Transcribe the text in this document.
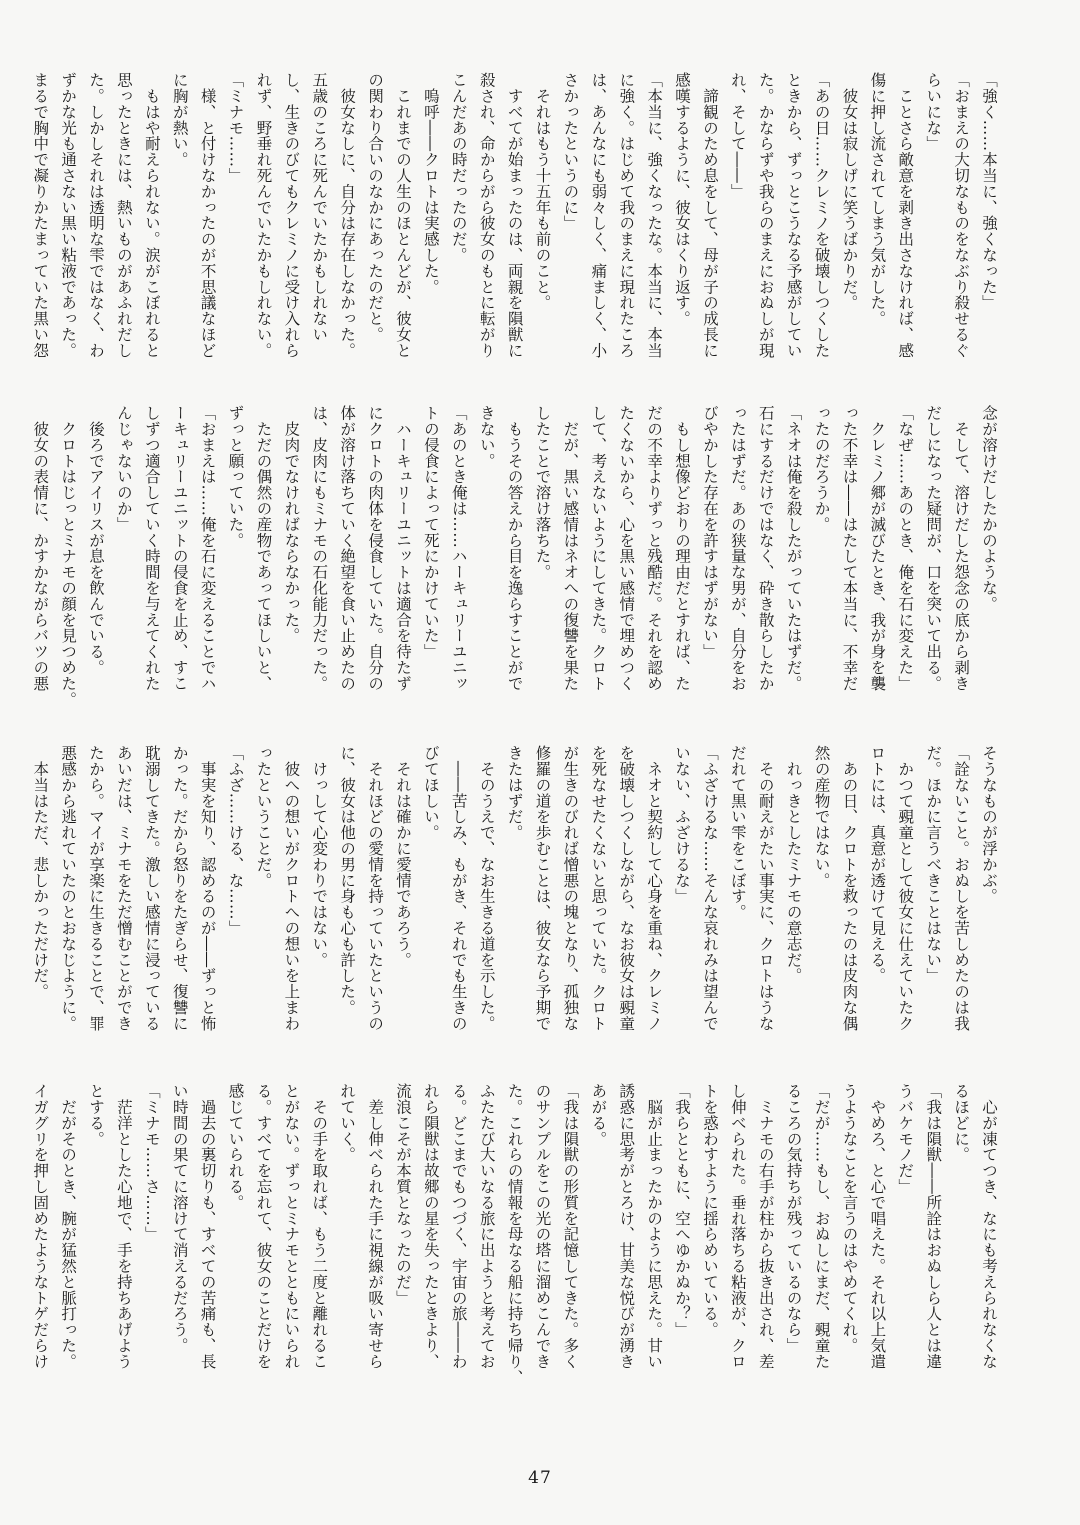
「強く……本当に、強くなった」
「おまえの大切なものをなぶり殺せるぐ
らいにな」
　ことさら敵意を剥き出さなければ、感
傷に押し流されてしまう気がした。
　彼女は寂しげに笑うばかりだ。
「あの日……クレミノを破壊しつくした
ときから、ずっとこうなる予感がしてい
た。かならずや我らのまえにおぬしが現
れ、そして――」
　諦観のため息をして、母が子の成長に
感嘆するように、彼女はくり返す。
「本当に、強くなったな。本当に、本当
に強く。はじめて我のまえに現れたころ
は、あんなにも弱々しく、痛ましく、小
さかったというのに」
　それはもう十五年も前のこと。
　すべてが始まったのは、両親を隕獣に
殺され、命からがら彼女のもとに転がり
こんだあの時だったのだ。
　嗚呼――クロトは実感した。
　これまでの人生のほとんどが、彼女と
の関わり合いのなかにあったのだと。
　彼女なしに、自分は存在しなかった。
五歳のころに死んでいたかもしれない
し、生きのびてもクレミノに受け入れら
れず、野垂れ死んでいたかもしれない。
「ミナモ……」
　様、と付けなかったのが不思議なほど
に胸が熱い。
　もはや耐えられない。涙がこぼれると
思ったときには、熱いものがあふれだし
た。しかしそれは透明な雫ではなく、わ
ずかな光も通さない黒い粘液であった。
まるで胸中で凝りかたまっていた黒い怨
念が溶けだしたかのような。
　そして、溶けだした怨念の底から剥き
だしになった疑問が、口を突いて出る。
「なぜ……あのとき、俺を石に変えた」
　クレミノ郷が滅びたとき、我が身を襲
った不幸は――はたして本当に、不幸だ
ったのだろうか。
「ネオは俺を殺したがっていたはずだ。
石にするだけではなく、砕き散らしたか
ったはずだ。あの狭量な男が、自分をお
びやかした存在を許すはずがない」
　もし想像どおりの理由だとすれば、た
だの不幸よりずっと残酷だ。それを認め
たくないから、心を黒い感情で埋めつく
して、考えないようにしてきた。クロト
　だが、黒い感情はネオへの復讐を果た
したことで溶け落ちた。
　もうその答えから目を逸らすことがで
きない。
「あのとき俺は……ハーキュリーユニッ
トの侵食によって死にかけていた」
　ハーキュリーユニットは適合を待たず
にクロトの肉体を侵食していた。自分の
体が溶け落ちていく絶望を食い止めたの
は、皮肉にもミナモの石化能力だった。
　皮肉でなければならなかった。
　ただの偶然の産物であってほしいと、
ずっと願っていた。
「おまえは……俺を石に変えることでハ
ーキュリーユニットの侵食を止め、すこ
しずつ適合していく時間を与えてくれた
んじゃないのか」
　後ろでアイリスが息を飲んでいる。
　クロトはじっとミナモの顔を見つめた。
　彼女の表情に、かすかながらバツの悪
そうなものが浮かぶ。
「詮ないこと。おぬしを苦しめたのは我
だ。ほかに言うべきことはない」
　かつて覡童として彼女に仕えていたク
ロトには、真意が透けて見える。
　あの日、クロトを救ったのは皮肉な偶
然の産物ではない。
　れっきとしたミナモの意志だ。
　その耐えがたい事実に、クロトはうな
だれて黒い雫をこぼす。
「ふざけるな……そんな哀れみは望んで
いない、ふざけるな」
　ネオと契約して心身を重ね、クレミノ
を破壊しつくしながら、なお彼女は覡童
を死なせたくないと思っていた。クロト
が生きのびれば憎悪の塊となり、孤独な
修羅の道を歩むことは、彼女なら予期で
きたはずだ。
　そのうえで、なお生きる道を示した。
　――苦しみ、もがき、それでも生きの
びてほしい。
　それは確かに愛情であろう。
　それほどの愛情を持っていたというの
に、彼女は他の男に身も心も許した。
　けっして心変わりではない。
　彼への想いがクロトへの想いを上まわ
ったということだ。
「ふざ……ける、な……」
　事実を知り、認めるのが――ずっと怖
かった。だから怒りをたぎらせ、復讐に
耽溺してきた。激しい感情に浸っている
あいだは、ミナモをただ憎むことができ
たから。マイが享楽に生きることで、罪
悪感から逃れていたのとおなじように。
　本当はただ、悲しかっただけだ。
　心が凍てつき、なにも考えられなくな
るほどに。
「我は隕獣――所詮はおぬしら人とは違
うバケモノだ」
　やめろ、と心で唱えた。それ以上気遣
うようなことを言うのはやめてくれ。
「だが……もし、おぬしにまだ、覡童た
るころの気持ちが残っているのなら」
　ミナモの右手が柱から抜き出され、差
し伸べられた。垂れ落ちる粘液が、クロ
トを惑わすように揺らめいている。
「我らとともに、空へゆかぬか？」
　脳が止まったかのように思えた。甘い
誘惑に思考がとろけ、甘美な悦びが湧き
あがる。
「我は隕獣の形質を記憶してきた。多く
のサンプルをこの光の塔に溜めこんでき
た。これらの情報を母なる船に持ち帰り、
ふたたび大いなる旅に出ようと考えてお
る。どこまでもつづく、宇宙の旅――わ
れら隕獣は故郷の星を失ったときより、
流浪こそが本質となったのだ」
　差し伸べられた手に視線が吸い寄せら
れていく。
　その手を取れば、もう二度と離れるこ
とがない。ずっとミナモとともにいられ
る。すべてを忘れて、彼女のことだけを
感じていられる。
　過去の裏切りも、すべての苦痛も、長
い時間の果てに溶けて消えるだろう。
「ミナモ……さ……」
　茫洋とした心地で、手を持ちあげよう
とする。
　だがそのとき、腕が猛然と脈打った。
イガグリを押し固めたようなトゲだらけ
47
